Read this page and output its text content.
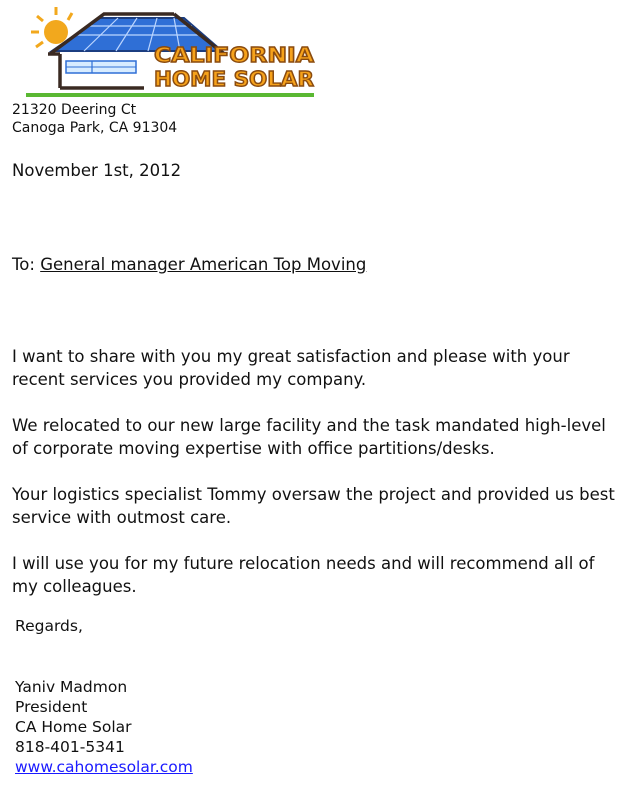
CALIFORNIA
HOME SOLAR
21320 Deering Ct
Canoga Park, CA 91304
November 1st, 2012
To: General manager American Top Moving

I want to share with you my great satisfaction and please with your recent services you provided my company.

We relocated to our new large facility and the task mandated high-level of corporate moving expertise with office partitions/desks.

Your logistics specialist Tommy oversaw the project and provided us best service with outmost care.

I will use you for my future relocation needs and will recommend all of my colleagues.

Regards,
Yaniv Madmon
President
CA Home Solar
818-401-5341
www.cahomesolar.com
